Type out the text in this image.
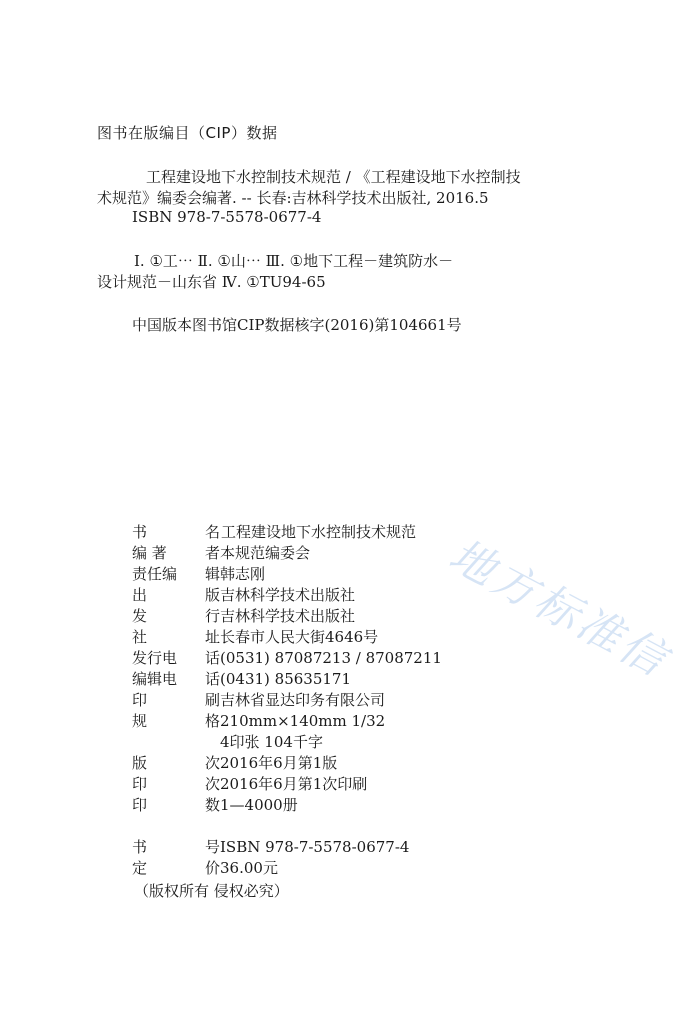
图书在版编目（CIP）数据
工程建设地下水控制技术规范 / 《工程建设地下水控制技
术规范》编委会编著. -- 长春:吉林科学技术出版社, 2016.5
ISBN 978-7-5578-0677-4
Ⅰ. ①工⋯ Ⅱ. ①山⋯ Ⅲ. ①地下工程－建筑防水－
设计规范－山东省 Ⅳ. ①TU94-65
中国版本图书馆CIP数据核字(2016)第104661号
地方标准信
书	名 工程建设地下水控制技术规范
编 著	者 本规范编委会
责任编 辑 韩志刚
出	版 吉林科学技术出版社
发	行 吉林科学技术出版社
社	址 长春市人民大街4646号
发行电 话 (0531) 87087213 / 87087211
编辑电 话 (0431) 85635171
印	刷 吉林省显达印务有限公司
规	格 210mm×140mm 1/32
4印张 104千字
版	次 2016年6月第1版
印	次 2016年6月第1次印刷
印	数 1—4000册
书	号 ISBN 978-7-5578-0677-4
定	价 36.00元
（版权所有 侵权必究）
